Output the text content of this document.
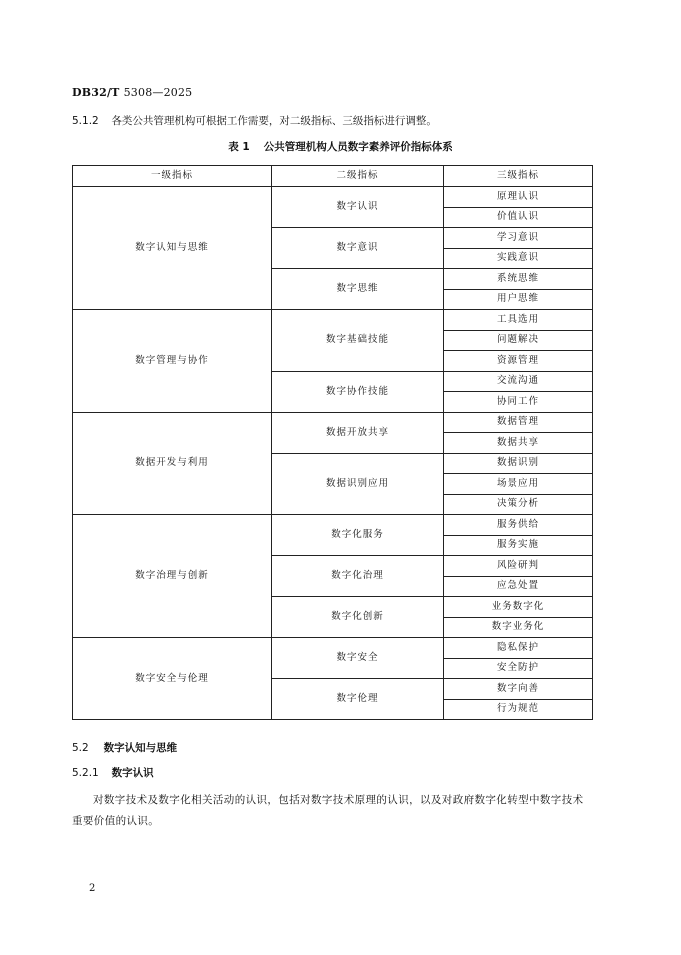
DB32/T 5308—2025
5.1.2 各类公共管理机构可根据工作需要，对二级指标、三级指标进行调整。
表 1 公共管理机构人员数字素养评价指标体系
一级指标	二级指标	三级指标
数字认知与思维	数字认识	原理认识
		价值认识
	数字意识	学习意识
		实践意识
	数字思维	系统思维
		用户思维
数字管理与协作	数字基础技能	工具选用
		问题解决
		资源管理
	数字协作技能	交流沟通
		协同工作
数据开发与利用	数据开放共享	数据管理
		数据共享
	数据识别应用	数据识别
		场景应用
		决策分析
数字治理与创新	数字化服务	服务供给
		服务实施
	数字化治理	风险研判
		应急处置
	数字化创新	业务数字化
		数字业务化
数字安全与伦理	数字安全	隐私保护
		安全防护
	数字伦理	数字向善
		行为规范
5.2 数字认知与思维
5.2.1 数字认识
对数字技术及数字化相关活动的认识，包括对数字技术原理的认识，以及对政府数字化转型中数字技术重要价值的认识。
2
